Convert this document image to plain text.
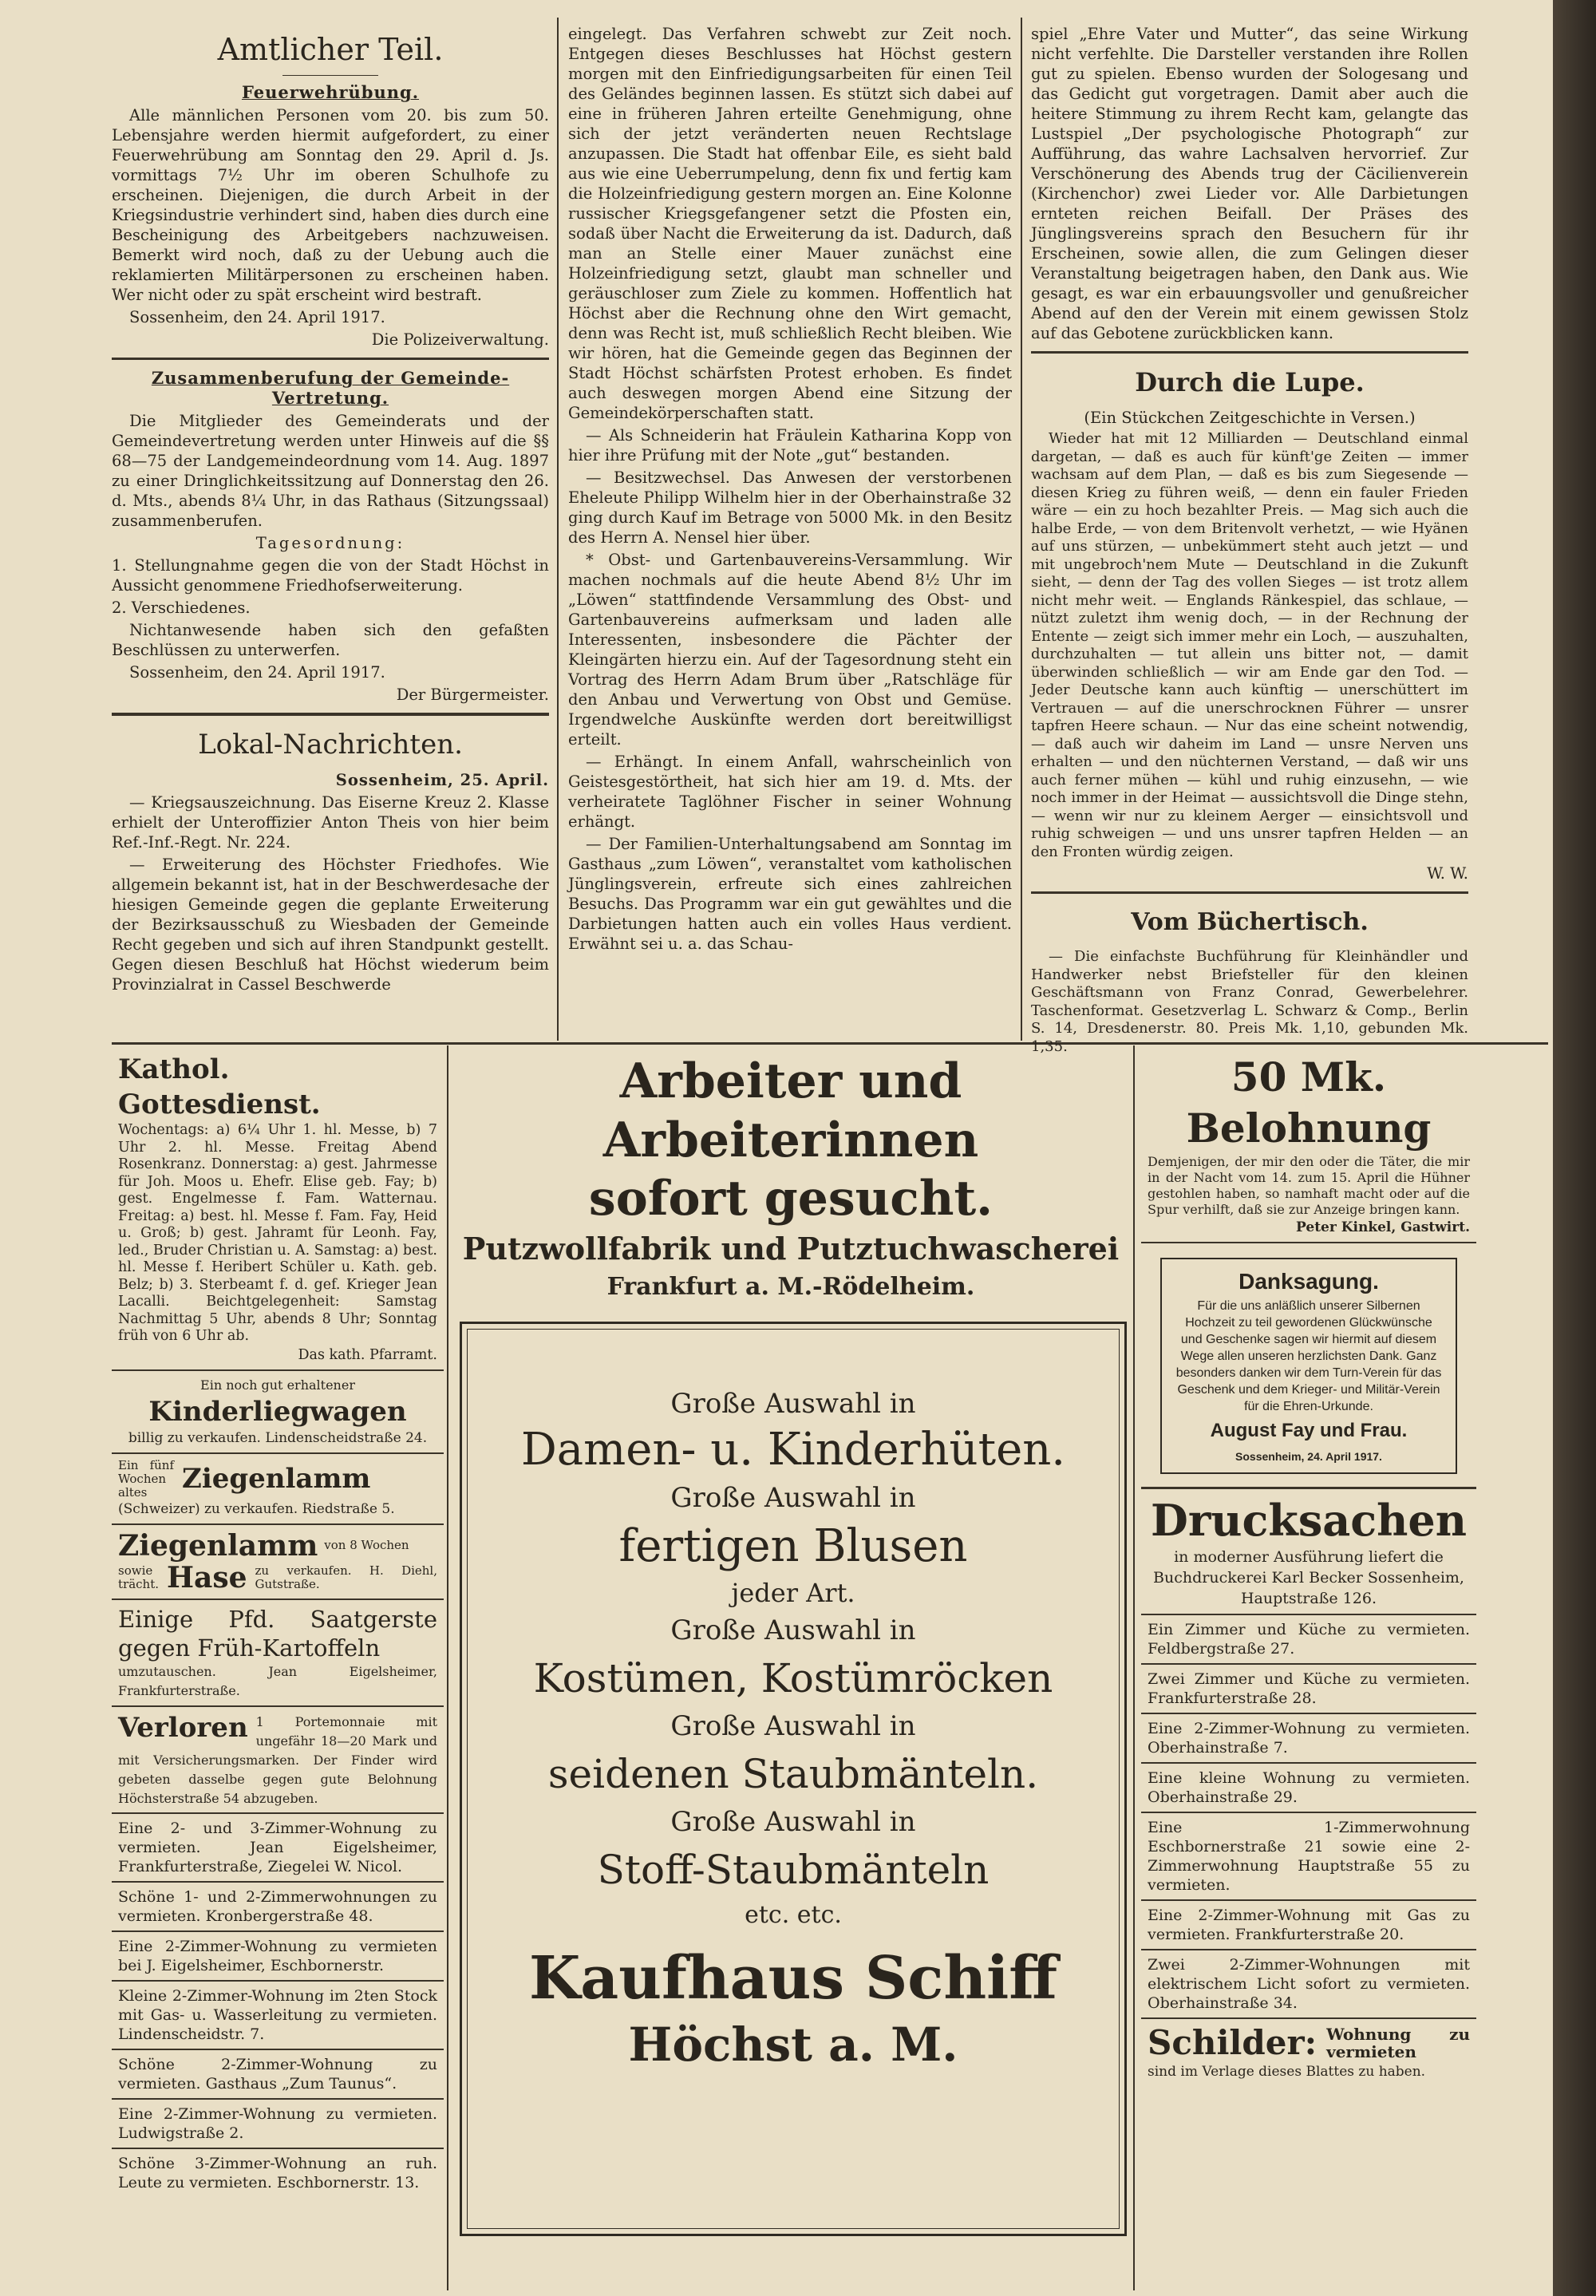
Amtlicher Teil.
Feuerwehrübung.

Alle männlichen Personen vom 20. bis zum 50. Lebensjahre werden hiermit aufgefordert, zu einer Feuerwehrübung am Sonntag den 29. April d. Js. vormittags 7½ Uhr im oberen Schulhofe zu erscheinen. Diejenigen, die durch Arbeit in der Kriegsindustrie verhindert sind, haben dies durch eine Bescheinigung des Arbeitgebers nachzuweisen. Bemerkt wird noch, daß zu der Uebung auch die reklamierten Militärpersonen zu erscheinen haben. Wer nicht oder zu spät erscheint wird bestraft.

Sossenheim, den 24. April 1917.

Die Polizeiverwaltung.

Zusammenberufung der Gemeinde-Vertretung.

Die Mitglieder des Gemeinderats und der Gemeindevertretung werden unter Hinweis auf die §§ 68—75 der Landgemeindeordnung vom 14. Aug. 1897 zu einer Dringlichkeitssitzung auf Donnerstag den 26. d. Mts., abends 8¼ Uhr, in das Rathaus (Sitzungssaal) zusammenberufen.

Tagesordnung:

1. Stellungnahme gegen die von der Stadt Höchst in Aussicht genommene Friedhofserweiterung.

2. Verschiedenes.

Nichtanwesende haben sich den gefaßten Beschlüssen zu unterwerfen.

Sossenheim, den 24. April 1917.

Der Bürgermeister.

Lokal-Nachrichten.

Sossenheim, 25. April.

— Kriegsauszeichnung. Das Eiserne Kreuz 2. Klasse erhielt der Unteroffizier Anton Theis von hier beim Ref.-Inf.-Regt. Nr. 224.

— Erweiterung des Höchster Friedhofes. Wie allgemein bekannt ist, hat in der Beschwerdesache der hiesigen Gemeinde gegen die geplante Erweiterung der Bezirksausschuß zu Wiesbaden der Gemeinde Recht gegeben und sich auf ihren Standpunkt gestellt. Gegen diesen Beschluß hat Höchst wiederum beim Provinzialrat in Cassel Beschwerde

eingelegt. Das Verfahren schwebt zur Zeit noch. Entgegen dieses Beschlusses hat Höchst gestern morgen mit den Einfriedigungsarbeiten für einen Teil des Geländes beginnen lassen. Es stützt sich dabei auf eine in früheren Jahren erteilte Genehmigung, ohne sich der jetzt veränderten neuen Rechtslage anzupassen. Die Stadt hat offenbar Eile, es sieht bald aus wie eine Ueberrumpelung, denn fix und fertig kam die Holzeinfriedigung gestern morgen an. Eine Kolonne russischer Kriegsgefangener setzt die Pfosten ein, sodaß über Nacht die Erweiterung da ist. Dadurch, daß man an Stelle einer Mauer zunächst eine Holzeinfriedigung setzt, glaubt man schneller und geräuschloser zum Ziele zu kommen. Hoffentlich hat Höchst aber die Rechnung ohne den Wirt gemacht, denn was Recht ist, muß schließlich Recht bleiben. Wie wir hören, hat die Gemeinde gegen das Beginnen der Stadt Höchst schärfsten Protest erhoben. Es findet auch deswegen morgen Abend eine Sitzung der Gemeindekörperschaften statt.

— Als Schneiderin hat Fräulein Katharina Kopp von hier ihre Prüfung mit der Note „gut“ bestanden.

— Besitzwechsel. Das Anwesen der verstorbenen Eheleute Philipp Wilhelm hier in der Oberhainstraße 32 ging durch Kauf im Betrage von 5000 Mk. in den Besitz des Herrn A. Nensel hier über.

* Obst- und Gartenbauvereins-Versammlung. Wir machen nochmals auf die heute Abend 8½ Uhr im „Löwen“ stattfindende Versammlung des Obst- und Gartenbauvereins aufmerksam und laden alle Interessenten, insbesondere die Pächter der Kleingärten hierzu ein. Auf der Tagesordnung steht ein Vortrag des Herrn Adam Brum über „Ratschläge für den Anbau und Verwertung von Obst und Gemüse. Irgendwelche Auskünfte werden dort bereitwilligst erteilt.

— Erhängt. In einem Anfall, wahrscheinlich von Geistesgestörtheit, hat sich hier am 19. d. Mts. der verheiratete Taglöhner Fischer in seiner Wohnung erhängt.

— Der Familien-Unterhaltungsabend am Sonntag im Gasthaus „zum Löwen“, veranstaltet vom katholischen Jünglingsverein, erfreute sich eines zahlreichen Besuchs. Das Programm war ein gut gewähltes und die Darbietungen hatten auch ein volles Haus verdient. Erwähnt sei u. a. das Schau-

spiel „Ehre Vater und Mutter“, das seine Wirkung nicht verfehlte. Die Darsteller verstanden ihre Rollen gut zu spielen. Ebenso wurden der Sologesang und das Gedicht gut vorgetragen. Damit aber auch die heitere Stimmung zu ihrem Recht kam, gelangte das Lustspiel „Der psychologische Photograph“ zur Aufführung, das wahre Lachsalven hervorrief. Zur Verschönerung des Abends trug der Cäcilienverein (Kirchenchor) zwei Lieder vor. Alle Darbietungen ernteten reichen Beifall. Der Präses des Jünglingsvereins sprach den Besuchern für ihr Erscheinen, sowie allen, die zum Gelingen dieser Veranstaltung beigetragen haben, den Dank aus. Wie gesagt, es war ein erbauungsvoller und genußreicher Abend auf den der Verein mit einem gewissen Stolz auf das Gebotene zurückblicken kann.

Durch die Lupe.

(Ein Stückchen Zeitgeschichte in Versen.)

Wieder hat mit 12 Milliarden — Deutschland einmal dargetan, — daß es auch für künft'ge Zeiten — immer wachsam auf dem Plan, — daß es bis zum Siegesende — diesen Krieg zu führen weiß, — denn ein fauler Frieden wäre — ein zu hoch bezahlter Preis. — Mag sich auch die halbe Erde, — von dem Britenvolt verhetzt, — wie Hyänen auf uns stürzen, — unbekümmert steht auch jetzt — und mit ungebroch'nem Mute — Deutschland in die Zukunft sieht, — denn der Tag des vollen Sieges — ist trotz allem nicht mehr weit. — Englands Ränkespiel, das schlaue, — nützt zuletzt ihm wenig doch, — in der Rechnung der Entente — zeigt sich immer mehr ein Loch, — auszuhalten, durchzuhalten — tut allein uns bitter not, — damit überwinden schließlich — wir am Ende gar den Tod. — Jeder Deutsche kann auch künftig — unerschüttert im Vertrauen — auf die unerschrocknen Führer — unsrer tapfren Heere schaun. — Nur das eine scheint notwendig, — daß auch wir daheim im Land — unsre Nerven uns erhalten — und den nüchternen Verstand, — daß wir uns auch ferner mühen — kühl und ruhig einzusehn, — wie noch immer in der Heimat — aussichtsvoll die Dinge stehn, — wenn wir nur zu kleinem Aerger — einsichtsvoll und ruhig schweigen — und uns unsrer tapfren Helden — an den Fronten würdig zeigen.

W. W.

Vom Büchertisch.

— Die einfachste Buchführung für Kleinhändler und Handwerker nebst Briefsteller für den kleinen Geschäftsmann von Franz Conrad, Gewerbelehrer. Taschenformat. Gesetzverlag L. Schwarz & Comp., Berlin S. 14, Dresdenerstr. 80. Preis Mk. 1,10, gebunden Mk. 1,35.

Kathol. Gottesdienst.
Wochentags: a) 6¼ Uhr 1. hl. Messe, b) 7 Uhr 2. hl. Messe. Freitag Abend Rosenkranz. Donnerstag: a) gest. Jahrmesse für Joh. Moos u. Ehefr. Elise geb. Fay; b) gest. Engelmesse f. Fam. Watternau. Freitag: a) best. hl. Messe f. Fam. Fay, Heid u. Groß; b) gest. Jahramt für Leonh. Fay, led., Bruder Christian u. A. Samstag: a) best. hl. Messe f. Heribert Schüler u. Kath. geb. Belz; b) 3. Sterbeamt f. d. gef. Krieger Jean Lacalli. Beichtgelegenheit: Samstag Nachmittag 5 Uhr, abends 8 Uhr; Sonntag früh von 6 Uhr ab.
Das kath. Pfarramt.
Ein noch gut erhaltener
Kinderliegwagen
billig zu verkaufen. Lindenscheidstraße 24.
Ein fünf Wochen altes	Ziegenlamm
(Schweizer) zu verkaufen. Riedstraße 5.
Ziegenlamm von 8 Wochen
sowie
trächt. Hase zu verkaufen. H. Diehl, Gutstraße.
Einige Pfd. Saatgerste gegen Früh-Kartoffeln
umzutauschen. Jean Eigelsheimer, Frankfurterstraße.
Verloren 1 Portemonnaie mit ungefähr 18—20 Mark und mit Versicherungsmarken. Der Finder wird gebeten dasselbe gegen gute Belohnung Höchsterstraße 54 abzugeben.
Eine 2- und 3-Zimmer-Wohnung zu vermieten. Jean Eigelsheimer, Frankfurterstraße, Ziegelei W. Nicol.
Schöne 1- und 2-Zimmerwohnungen zu vermieten. Kronbergerstraße 48.
Eine 2-Zimmer-Wohnung zu vermieten bei J. Eigelsheimer, Eschbornerstr.
Kleine 2-Zimmer-Wohnung im 2ten Stock mit Gas- u. Wasserleitung zu vermieten. Lindenscheidstr. 7.
Schöne 2-Zimmer-Wohnung zu vermieten. Gasthaus „Zum Taunus“.
Eine 2-Zimmer-Wohnung zu vermieten. Ludwigstraße 2.
Schöne 3-Zimmer-Wohnung an ruh. Leute zu vermieten. Eschbornerstr. 13.
Arbeiter und Arbeiterinnen
sofort gesucht.
Putzwollfabrik und Putztuchwascherei
Frankfurt a. M.-Rödelheim.
Große Auswahl in
Damen- u. Kinderhüten.
Große Auswahl in
fertigen Blusen
jeder Art.
Große Auswahl in
Kostümen, Kostümröcken
Große Auswahl in
seidenen Staubmänteln.
Große Auswahl in
Stoff-Staubmänteln
etc. etc.
Kaufhaus Schiff
Höchst a. M.
50 Mk. Belohnung
Demjenigen, der mir den oder die Täter, die mir in der Nacht vom 14. zum 15. April die Hühner gestohlen haben, so namhaft macht oder auf die Spur verhilft, daß sie zur Anzeige bringen kann.
Peter Kinkel, Gastwirt.
Danksagung.
Für die uns anläßlich unserer Silbernen Hochzeit zu teil gewordenen Glückwünsche und Geschenke sagen wir hiermit auf diesem Wege allen unseren herzlichsten Dank. Ganz besonders danken wir dem Turn-Verein für das Geschenk und dem Krieger- und Militär-Verein für die Ehren-Urkunde.
August Fay und Frau.
Sossenheim, 24. April 1917.
Drucksachen
in moderner Ausführung liefert die Buchdruckerei Karl Becker Sossenheim, Hauptstraße 126.
Ein Zimmer und Küche zu vermieten. Feldbergstraße 27.
Zwei Zimmer und Küche zu vermieten. Frankfurterstraße 28.
Eine 2-Zimmer-Wohnung zu vermieten. Oberhainstraße 7.
Eine kleine Wohnung zu vermieten. Oberhainstraße 29.
Eine 1-Zimmerwohnung Eschbornerstraße 21 sowie eine 2-Zimmerwohnung Hauptstraße 55 zu vermieten.
Eine 2-Zimmer-Wohnung mit Gas zu vermieten. Frankfurterstraße 20.
Zwei 2-Zimmer-Wohnungen mit elektrischem Licht sofort zu vermieten. Oberhainstraße 34.
Schilder: Wohnung zu vermieten
sind im Verlage dieses Blattes zu haben.
